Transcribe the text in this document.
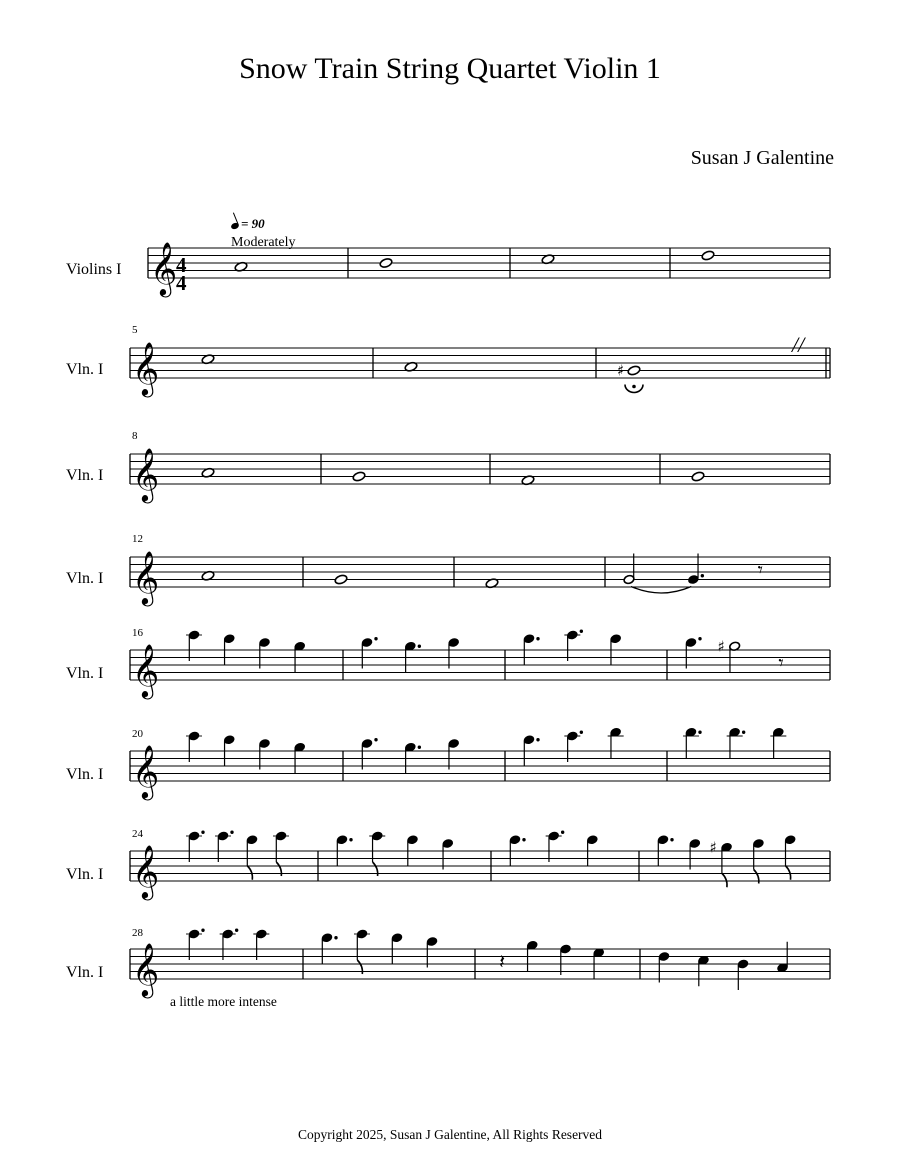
Snow Train String Quartet Violin 1
Susan J Galentine
= 90
Moderately
Violins I
Vln. I
Vln. I
Vln. I
Vln. I
Vln. I
Vln. I
Vln. I
5
8
12
16
20
24
28
a little more intense
𝄞
𝄞
𝄞
𝄞
𝄞
𝄞
𝄞
𝄞
♯
𝄾
♯
𝄾
♯
𝄽
//
4
4
Copyright 2025, Susan J Galentine, All Rights Reserved
